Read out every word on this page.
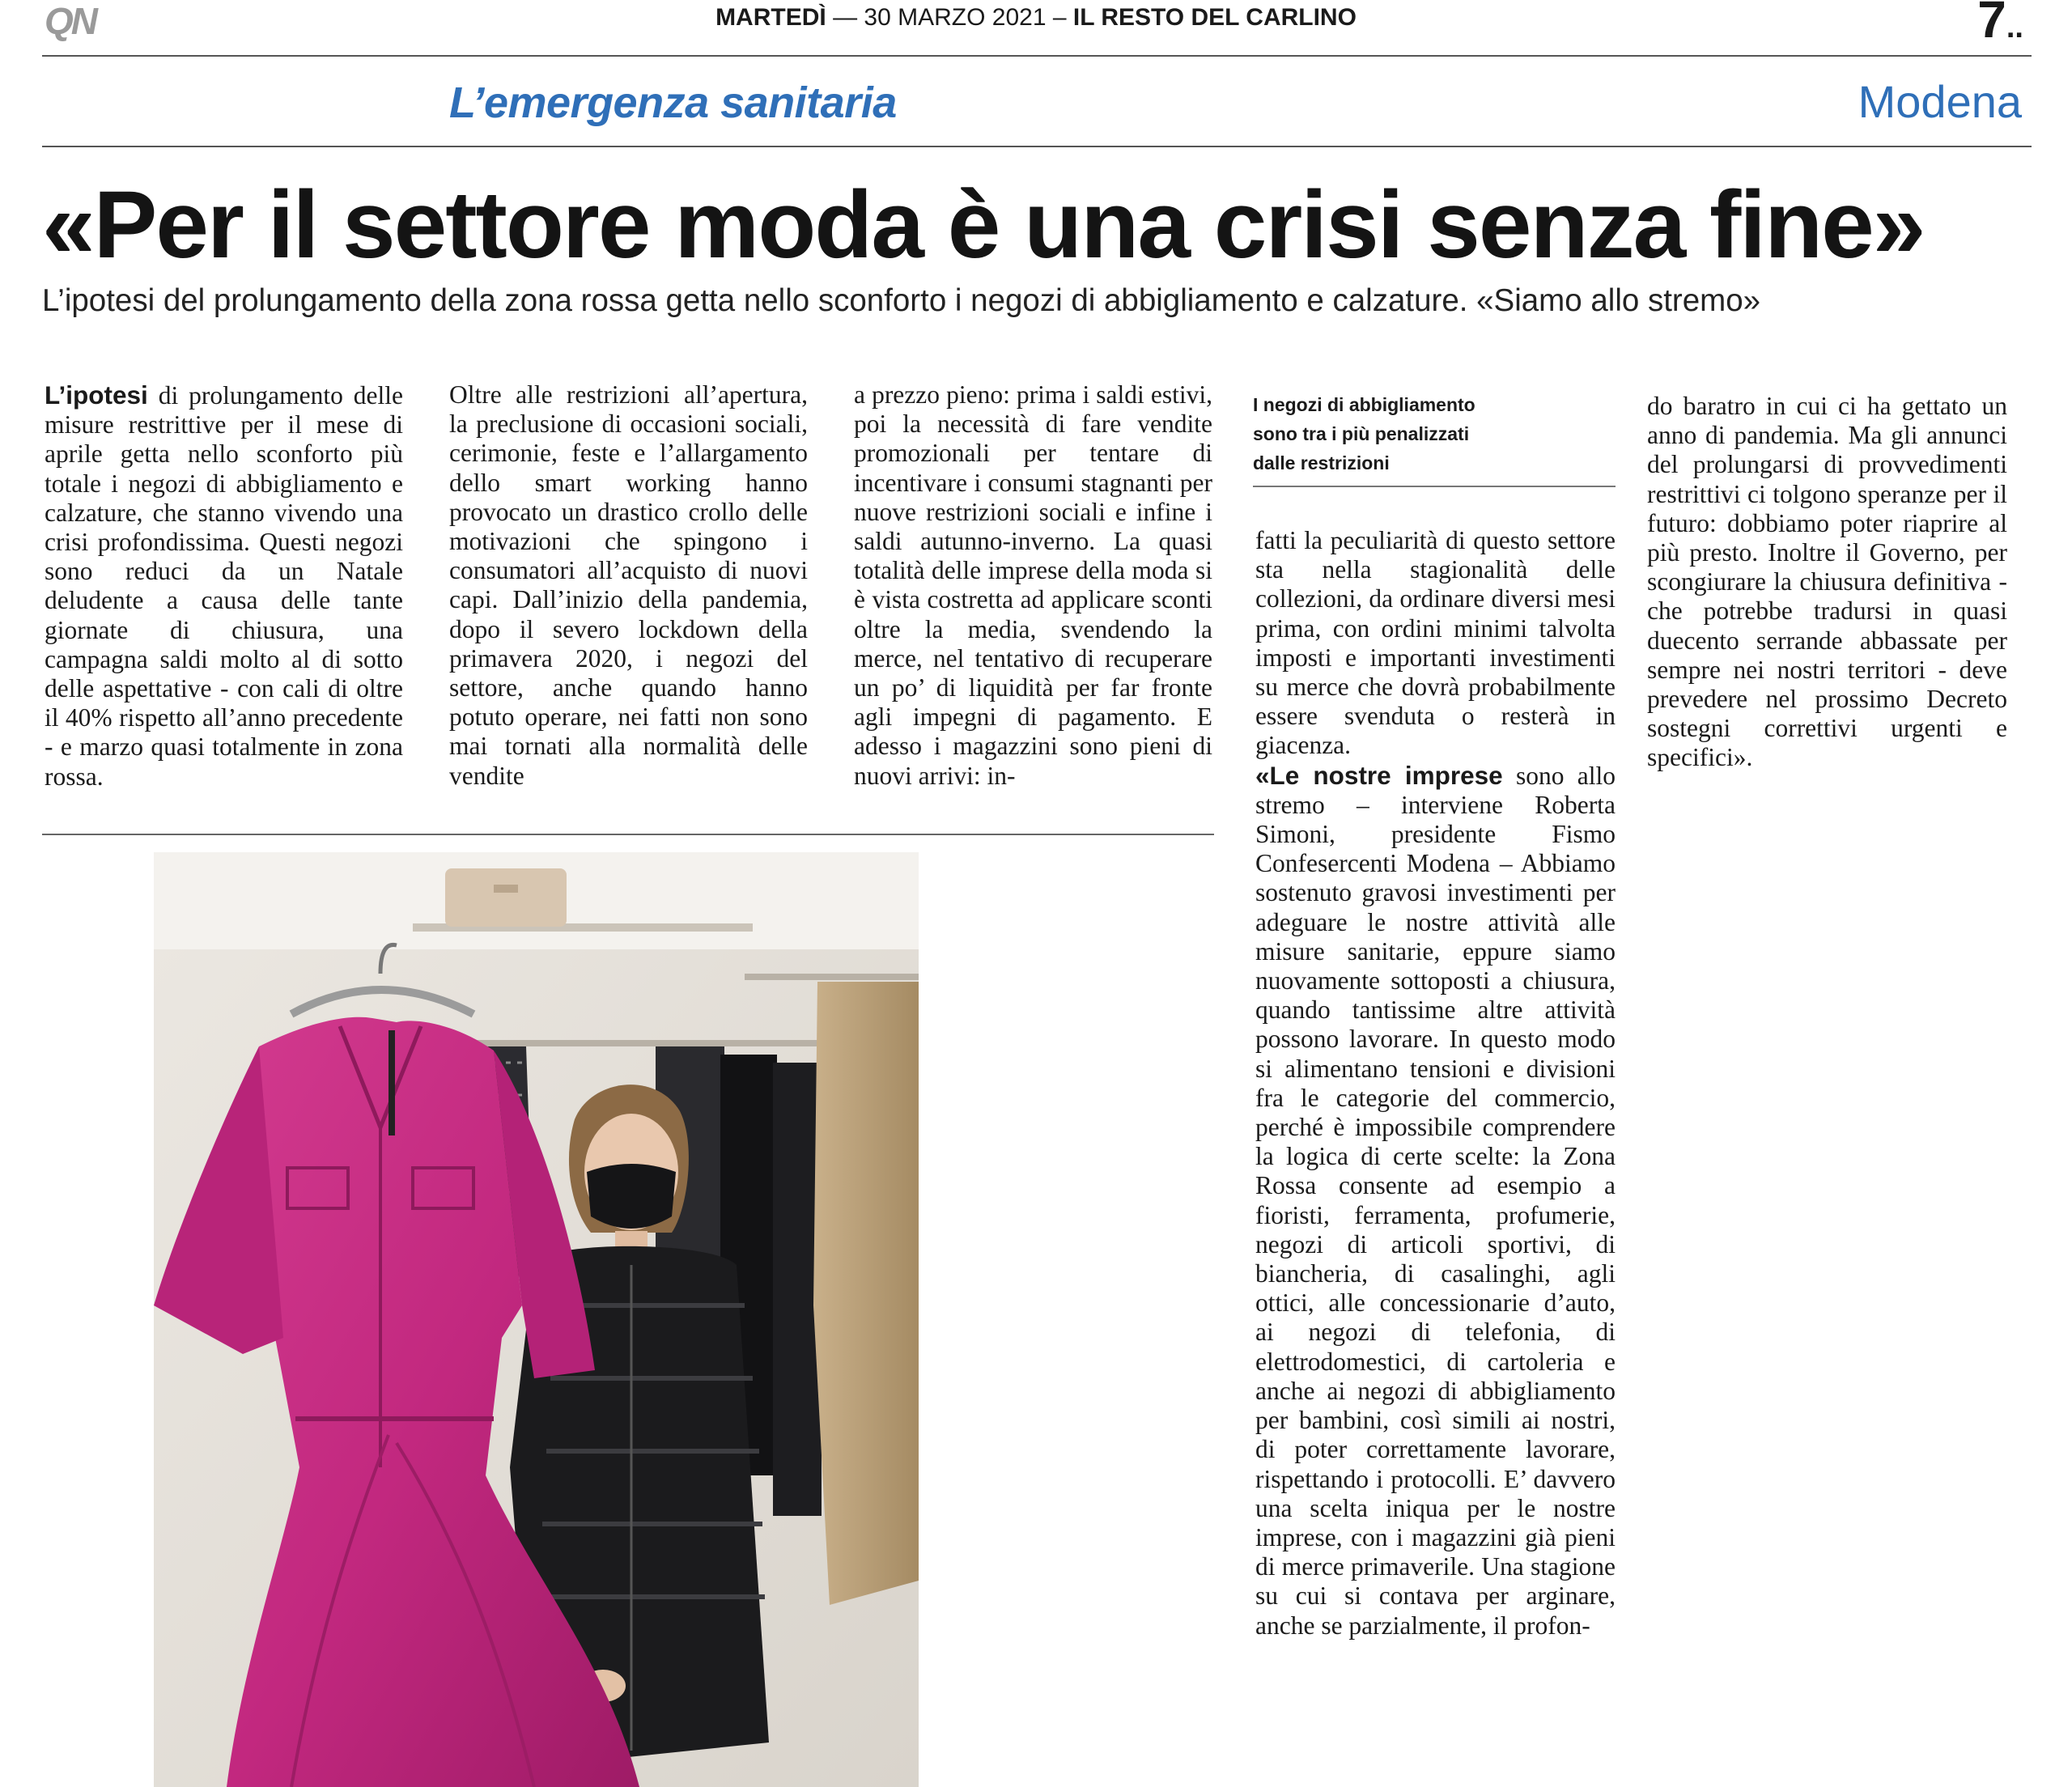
QN	MARTEDÌ — 30 MARZO 2021 – IL RESTO DEL CARLINO	7..
L’emergenza sanitaria	Modena
«Per il settore moda è una crisi senza fine»
L’ipotesi del prolungamento della zona rossa getta nello sconforto i negozi di abbigliamento e calzature. «Siamo allo stremo»

L’ipotesi di prolungamento delle misure restrittive per il mese di aprile getta nello sconforto più totale i negozi di abbigliamento e calzature, che stanno vivendo una crisi profondissima. Questi negozi sono reduci da un Natale deludente a causa delle tante giornate di chiusura, una campagna saldi molto al di sotto delle aspettative - con cali di oltre il 40% rispetto all’anno precedente - e marzo quasi totalmente in zona rossa.

Oltre alle restrizioni all’apertura, la preclusione di occasioni sociali, cerimonie, feste e l’allargamento dello smart working hanno provocato un drastico crollo delle motivazioni che spingono i consumatori all’acquisto di nuovi capi. Dall’inizio della pandemia, dopo il severo lockdown della primavera 2020, i negozi del settore, anche quando hanno potuto operare, nei fatti non sono mai tornati alla normalità delle vendite

a prezzo pieno: prima i saldi estivi, poi la necessità di fare vendite promozionali per tentare di incentivare i consumi stagnanti per nuove restrizioni sociali e infine i saldi autunno-inverno. La quasi totalità delle imprese della moda si è vista costretta ad applicare sconti oltre la media, svendendo la merce, nel tentativo di recuperare un po’ di liquidità per far fronte agli impegni di pagamento. E adesso i magazzini sono pieni di nuovi arrivi: in-

I negozi di abbigliamento
sono tra i più penalizzati
dalle restrizioni

fatti la peculiarità di questo settore sta nella stagionalità delle collezioni, da ordinare diversi mesi prima, con ordini minimi talvolta imposti e importanti investimenti su merce che dovrà probabilmente essere svenduta o resterà in giacenza.

«Le nostre imprese sono allo stremo – interviene Roberta Simoni, presidente Fismo Confesercenti Modena – Abbiamo sostenuto gravosi investimenti per adeguare le nostre attività alle misure sanitarie, eppure siamo nuovamente sottoposti a chiusura, quando tantissime altre attività possono lavorare. In questo modo si alimentano tensioni e divisioni fra le categorie del commercio, perché è impossibile comprendere la logica di certe scelte: la Zona Rossa consente ad esempio a fioristi, ferramenta, profumerie, negozi di articoli sportivi, di biancheria, di casalinghi, agli ottici, alle concessionarie d’auto, ai negozi di telefonia, di elettrodomestici, di cartoleria e anche ai negozi di abbigliamento per bambini, così simili ai nostri, di poter correttamente lavorare, rispettando i protocolli. E’ davvero una scelta iniqua per le nostre imprese, con i magazzini già pieni di merce primaverile. Una stagione su cui si contava per arginare, anche se parzialmente, il profon-

do baratro in cui ci ha gettato un anno di pandemia. Ma gli annunci del prolungarsi di provvedimenti restrittivi ci tolgono speranze per il futuro: dobbiamo poter riaprire al più presto. Inoltre il Governo, per scongiurare la chiusura definitiva - che potrebbe tradursi in quasi duecento serrande abbassate per sempre nei nostri territori - deve prevedere nel prossimo Decreto sostegni correttivi urgenti e specifici».
